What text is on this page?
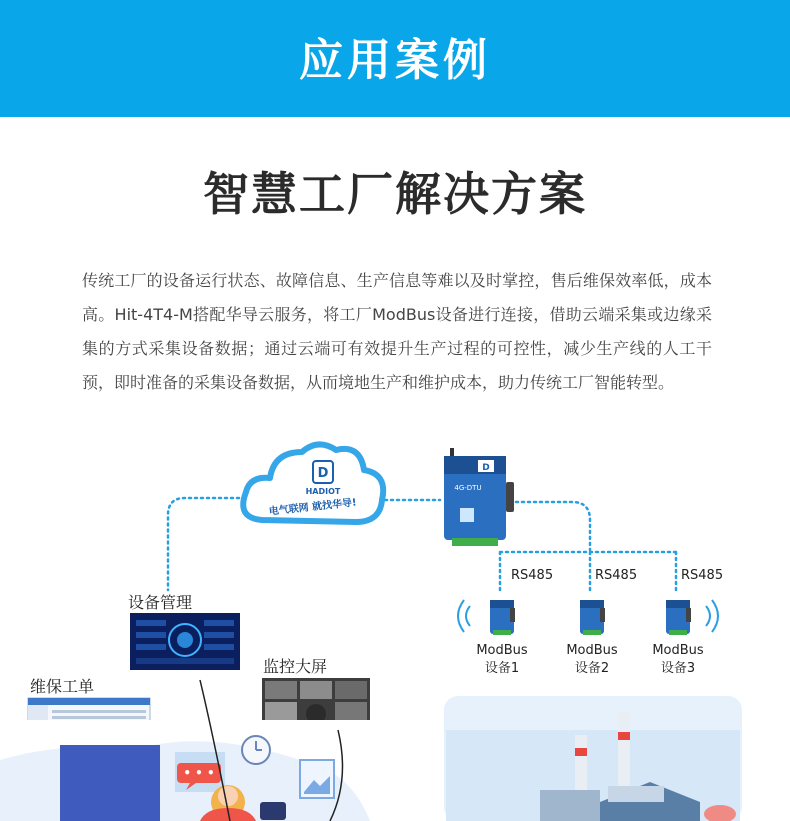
应用案例
智慧工厂解决方案

传统工厂的设备运行状态、故障信息、生产信息等难以及时掌控，售后维保效率低，成本高。Hit-4T4-M搭配华导云服务，将工厂ModBus设备进行连接，借助云端采集或边缘采集的方式采集设备数据；通过云端可有效提升生产过程的可控性，减少生产线的人工干预，即时准备的采集设备数据，从而境地生产和维护成本，助力传统工厂智能转型。

D
HADIOT
电气联网 就找华导!
D
4G-DTU
• • •
设备管理
监控大屏
维保工单
RS485	RS485	RS485
ModBus
设备1
ModBus
设备2
ModBus
设备3
